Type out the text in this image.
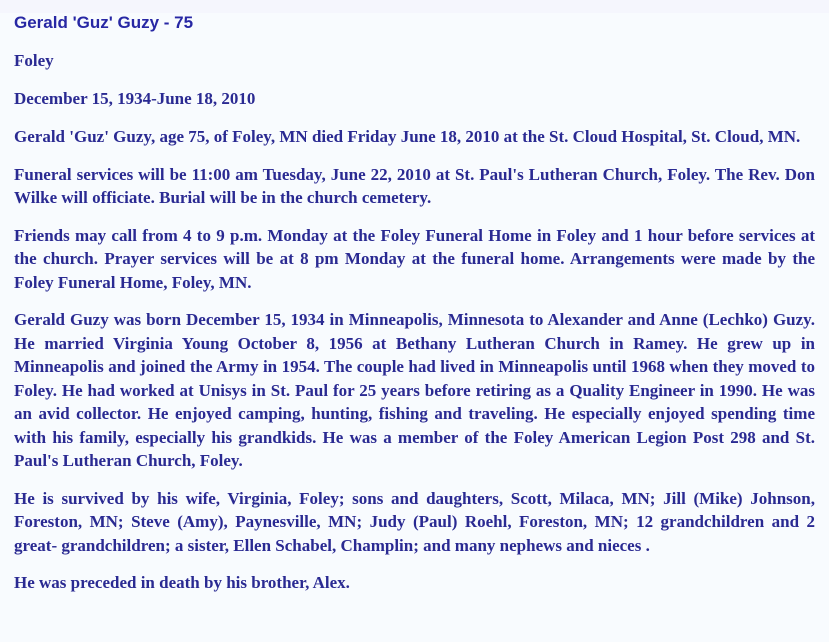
Gerald 'Guz' Guzy - 75

Foley

December 15, 1934-June 18, 2010

Gerald 'Guz' Guzy, age 75, of Foley, MN died Friday June 18, 2010 at the St. Cloud Hospital, St. Cloud, MN.

Funeral services will be 11:00 am Tuesday, June 22, 2010 at St. Paul's Lutheran Church, Foley. The Rev. Don Wilke will officiate. Burial will be in the church cemetery.

Friends may call from 4 to 9 p.m. Monday at the Foley Funeral Home in Foley and 1 hour before services at the church. Prayer services will be at 8 pm Monday at the funeral home. Arrangements were made by the Foley Funeral Home, Foley, MN.

Gerald Guzy was born December 15, 1934 in Minneapolis, Minnesota to Alexander and Anne (Lechko) Guzy. He married Virginia Young October 8, 1956 at Bethany Lutheran Church in Ramey. He grew up in Minneapolis and joined the Army in 1954. The couple had lived in Minneapolis until 1968 when they moved to Foley. He had worked at Unisys in St. Paul for 25 years before retiring as a Quality Engineer in 1990. He was an avid collector. He enjoyed camping, hunting, fishing and traveling. He especially enjoyed spending time with his family, especially his grandkids. He was a member of the Foley American Legion Post 298 and St. Paul's Lutheran Church, Foley.

He is survived by his wife, Virginia, Foley; sons and daughters, Scott, Milaca, MN; Jill (Mike) Johnson, Foreston, MN; Steve (Amy), Paynesville, MN; Judy (Paul) Roehl, Foreston, MN; 12 grandchildren and 2 great- grandchildren; a sister, Ellen Schabel, Champlin; and many nephews and nieces .

He was preceded in death by his brother, Alex.
